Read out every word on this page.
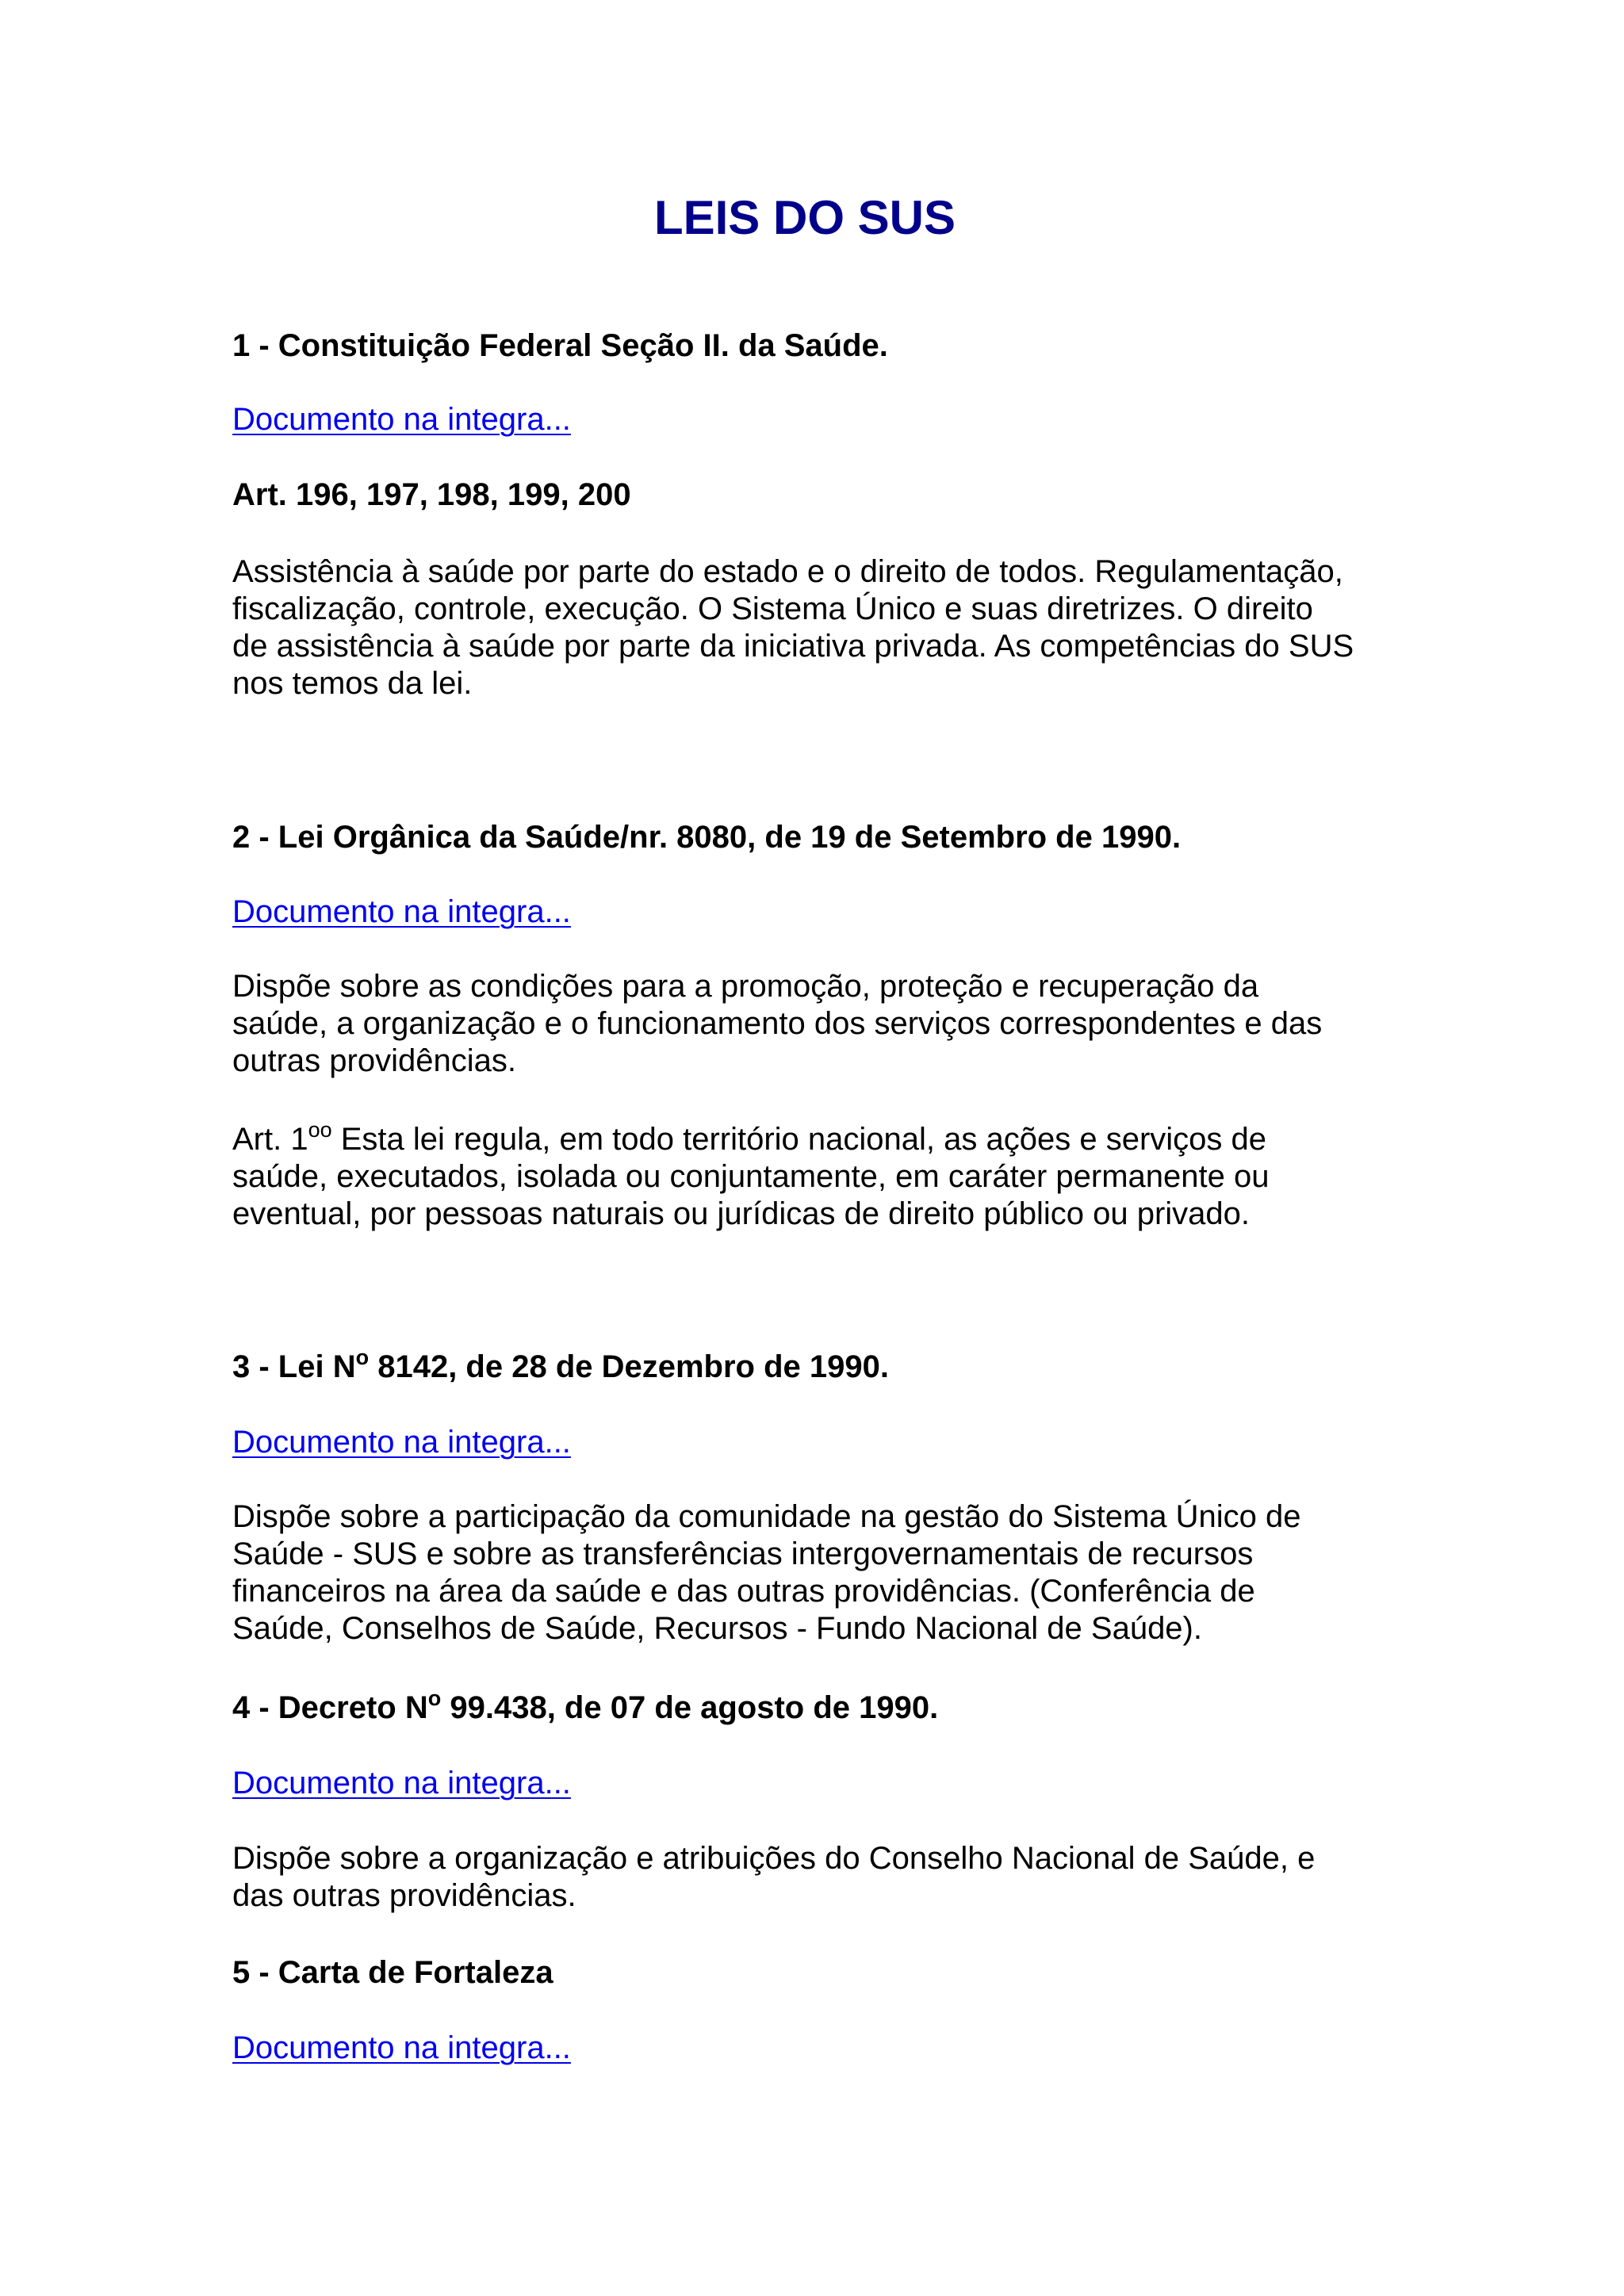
LEIS DO SUS
1 - Constituição Federal Seção II. da Saúde.
Documento na integra...
Art. 196, 197, 198, 199, 200
Assistência à saúde por parte do estado e o direito de todos. Regulamentação,
fiscalização, controle, execução. O Sistema Único e suas diretrizes. O direito
de assistência à saúde por parte da iniciativa privada. As competências do SUS
nos temos da lei.
2 - Lei Orgânica da Saúde/nr. 8080, de 19 de Setembro de 1990.
Documento na integra...
Dispõe sobre as condições para a promoção, proteção e recuperação da
saúde, a organização e o funcionamento dos serviços correspondentes e das
outras providências.
Art. $1^{oo}$ Esta lei regula, em todo território nacional, as ações e serviços de
saúde, executados, isolada ou conjuntamente, em caráter permanente ou
eventual, por pessoas naturais ou jurídicas de direito público ou privado.
3 - Lei $N^o$ 8142, de 28 de Dezembro de 1990.
Documento na integra...
Dispõe sobre a participação da comunidade na gestão do Sistema Único de
Saúde - SUS e sobre as transferências intergovernamentais de recursos
financeiros na área da saúde e das outras providências. (Conferência de
Saúde, Conselhos de Saúde, Recursos - Fundo Nacional de Saúde).
4 - Decreto $N^o$ 99.438, de 07 de agosto de 1990.
Documento na integra...
Dispõe sobre a organização e atribuições do Conselho Nacional de Saúde, e
das outras providências.
5 - Carta de Fortaleza
Documento na integra...
